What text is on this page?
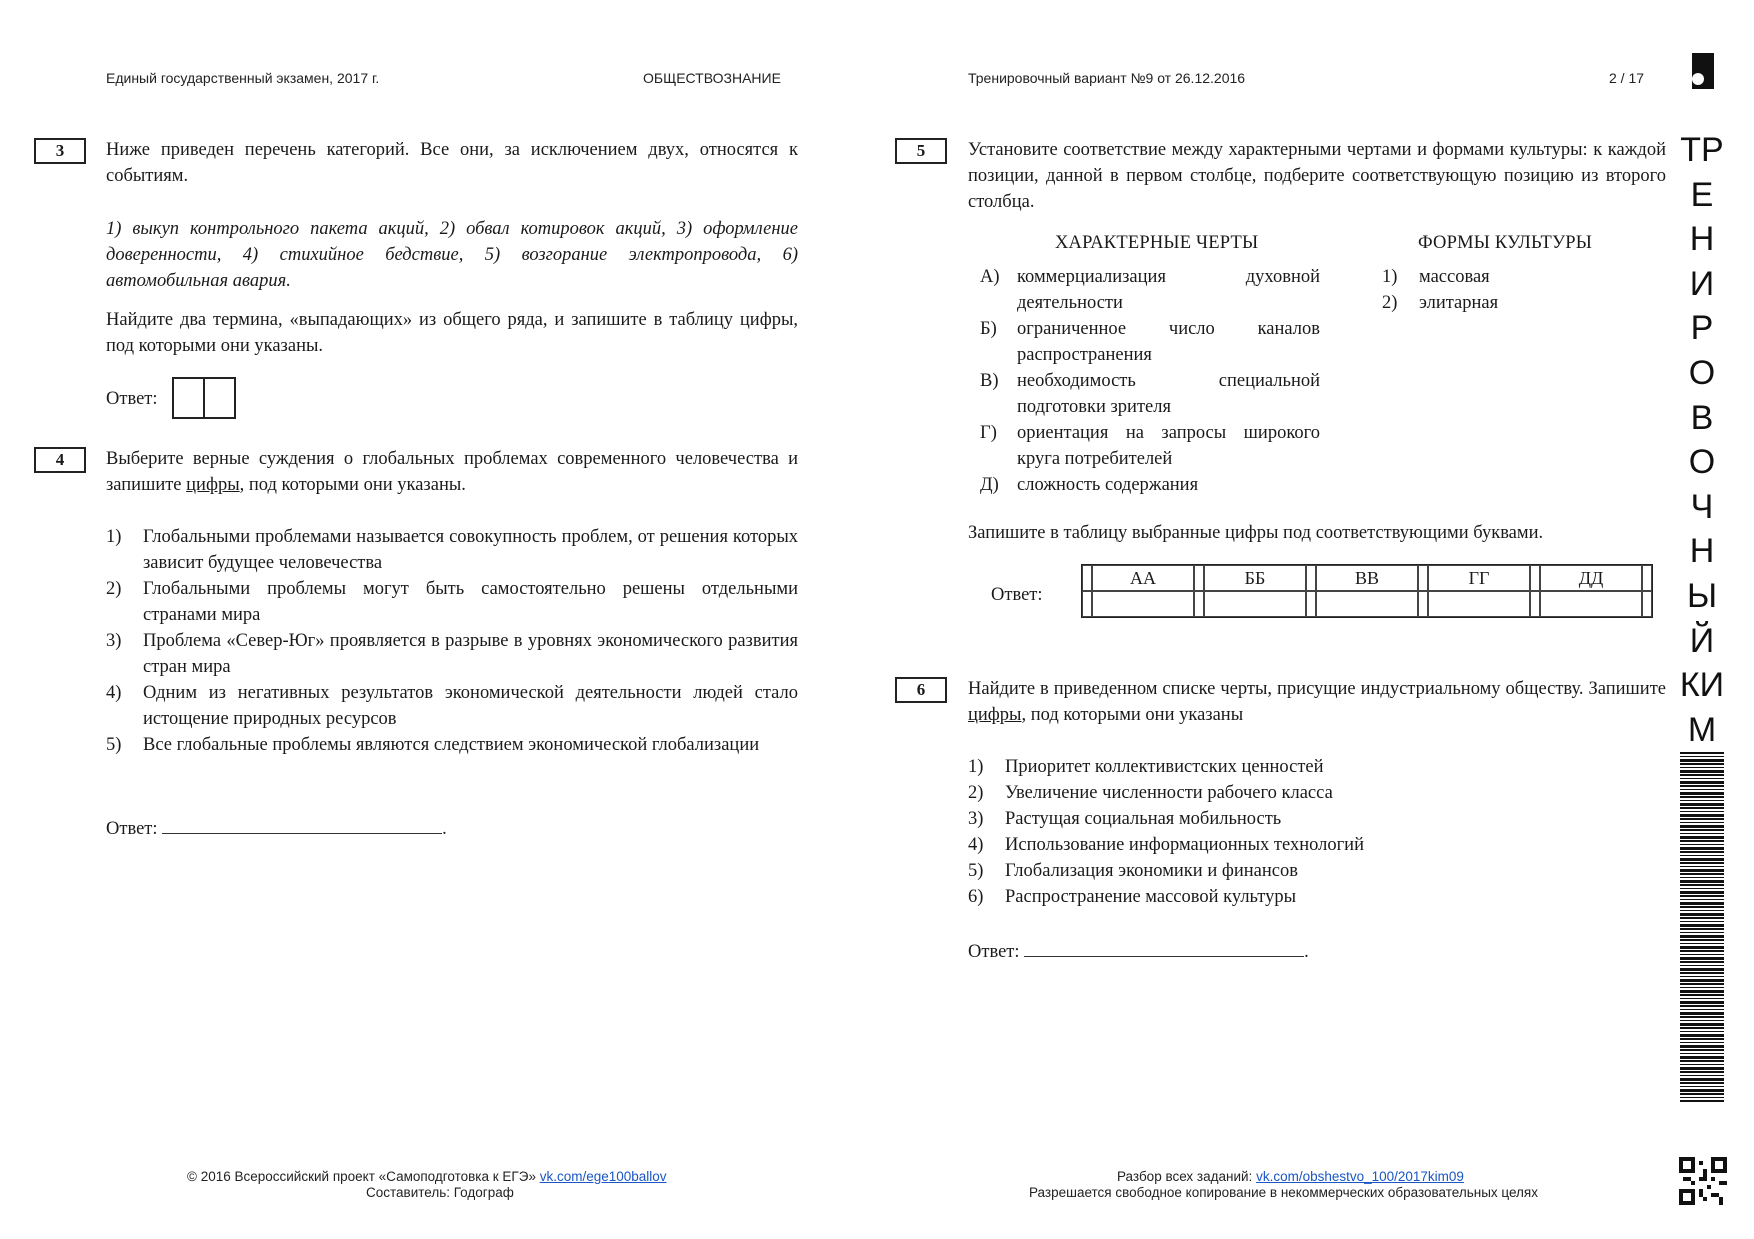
Единый государственный экзамен, 2017 г.	ОБЩЕСТВОЗНАНИЕ	Тренировочный вариант №9 от 26.12.2016	2 / 17
3	Ниже приведен перечень категорий. Все они, за исключением двух, относятся к событиям.
1) выкуп контрольного пакета акций, 2) обвал котировок акций, 3) оформление доверенности, 4) стихийное бедствие, 5) возгорание электропровода, 6) автомобильная авария.
Найдите два термина, «выпадающих» из общего ряда, и запишите в таблицу цифры, под которыми они указаны.
Ответ:
4	Выберите верные суждения о глобальных проблемах современного человечества и запишите цифры, под которыми они указаны.
1) Глобальными проблемами называется совокупность проблем, от решения которых зависит будущее человечества
2) Глобальными проблемы могут быть самостоятельно решены отдельными странами мира
3) Проблема «Север-Юг» проявляется в разрыве в уровнях экономического развития стран мира
4) Одним из негативных результатов экономической деятельности людей стало истощение природных ресурсов
5) Все глобальные проблемы являются следствием экономической глобализации
Ответ:	.
5	Установите соответствие между характерными чертами и формами культуры: к каждой позиции, данной в первом столбце, подберите соответствующую позицию из второго столбца.
ХАРАКТЕРНЫЕ ЧЕРТЫ	ФОРМЫ КУЛЬТУРЫ
А) коммерциализация духовной деятельности
Б) ограниченное число каналов распространения
В) необходимость специальной подготовки зрителя
Г) ориентация на запросы широкого круга потребителей
Д) сложность содержания
1) массовая
2) элитарная
Запишите в таблицу выбранные цифры под соответствующими буквами.
Ответ:
	АА		ББ		ВВ		ГГ		ДД	

6	Найдите в приведенном списке черты, присущие индустриальному обществу. Запишите цифры, под которыми они указаны
1) Приоритет коллективистских ценностей
2) Увеличение численности рабочего класса
3) Растущая социальная мобильность
4) Использование информационных технологий
5) Глобализация экономики и финансов
6) Распространение массовой культуры
Ответ:	.
ТР
Е
Н
И
Р
О
В
О
Ч
Н
Ы
Й
КИ
М
© 2016 Всероссийский проект «Самоподготовка к ЕГЭ» vk.com/ege100ballov
Составитель: Годограф
Разбор всех заданий: vk.com/obshestvo_100/2017kim09
Разрешается свободное копирование в некоммерческих образовательных целях
